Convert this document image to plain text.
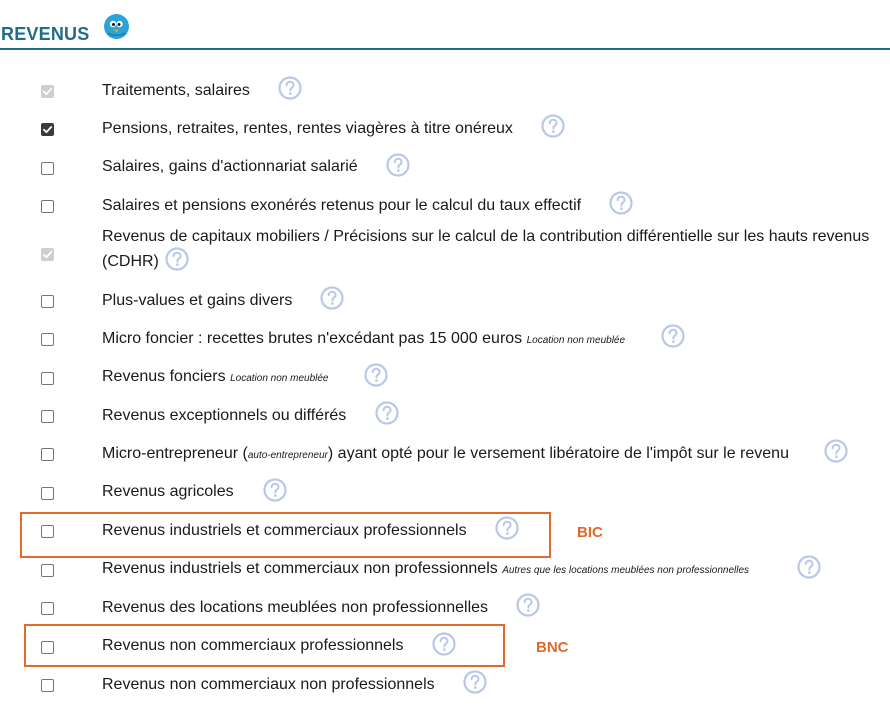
REVENUS
Traitements, salaires
Pensions, retraites, rentes, rentes viagères à titre onéreux
Salaires, gains d'actionnariat salarié
Salaires et pensions exonérés retenus pour le calcul du taux effectif
Revenus de capitaux mobiliers / Précisions sur le calcul de la contribution différentielle sur les hauts revenus (CDHR)
Plus-values et gains divers
Micro foncier : recettes brutes n'excédant pas 15 000 euros Location non meublée
Revenus fonciers Location non meublée
Revenus exceptionnels ou différés
Micro-entrepreneur (auto-entrepreneur) ayant opté pour le versement libératoire de l'impôt sur le revenu
Revenus agricoles
Revenus industriels et commerciaux professionnels
Revenus industriels et commerciaux non professionnels Autres que les locations meublées non professionnelles
Revenus des locations meublées non professionnelles
Revenus non commerciaux professionnels
Revenus non commerciaux non professionnels
BIC
BNC
